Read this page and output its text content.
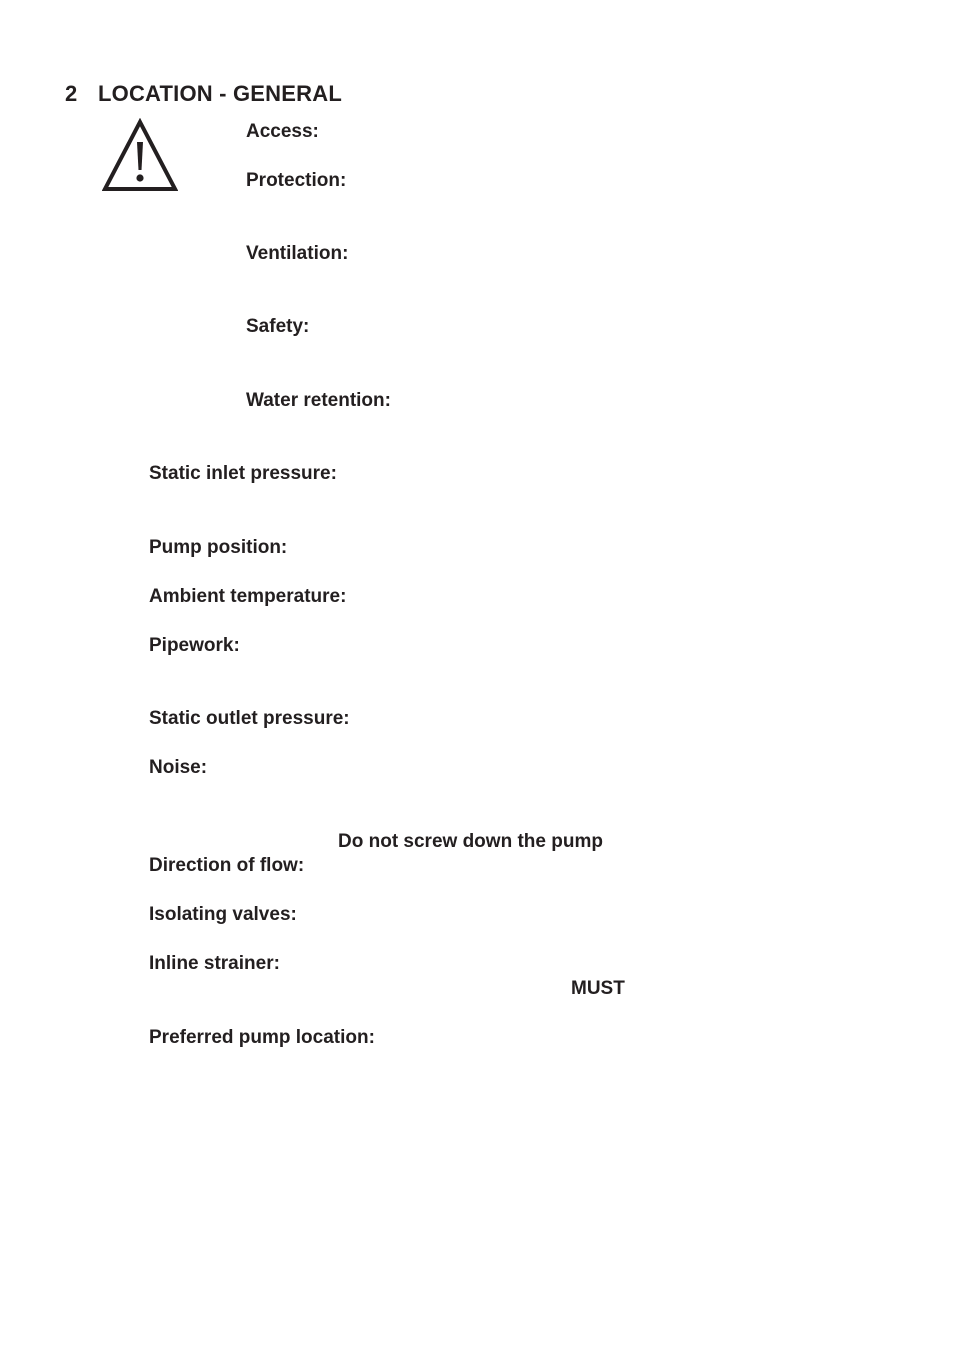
2 LOCATION - GENERAL
Access:
Protection:
Ventilation:
Safety:
Water retention:
Static inlet pressure:
Pump position:
Ambient temperature:
Pipework:
Static outlet pressure:
Noise:
Do not screw down the pump
Direction of flow:
Isolating valves:
Inline strainer:
MUST
Preferred pump location:
